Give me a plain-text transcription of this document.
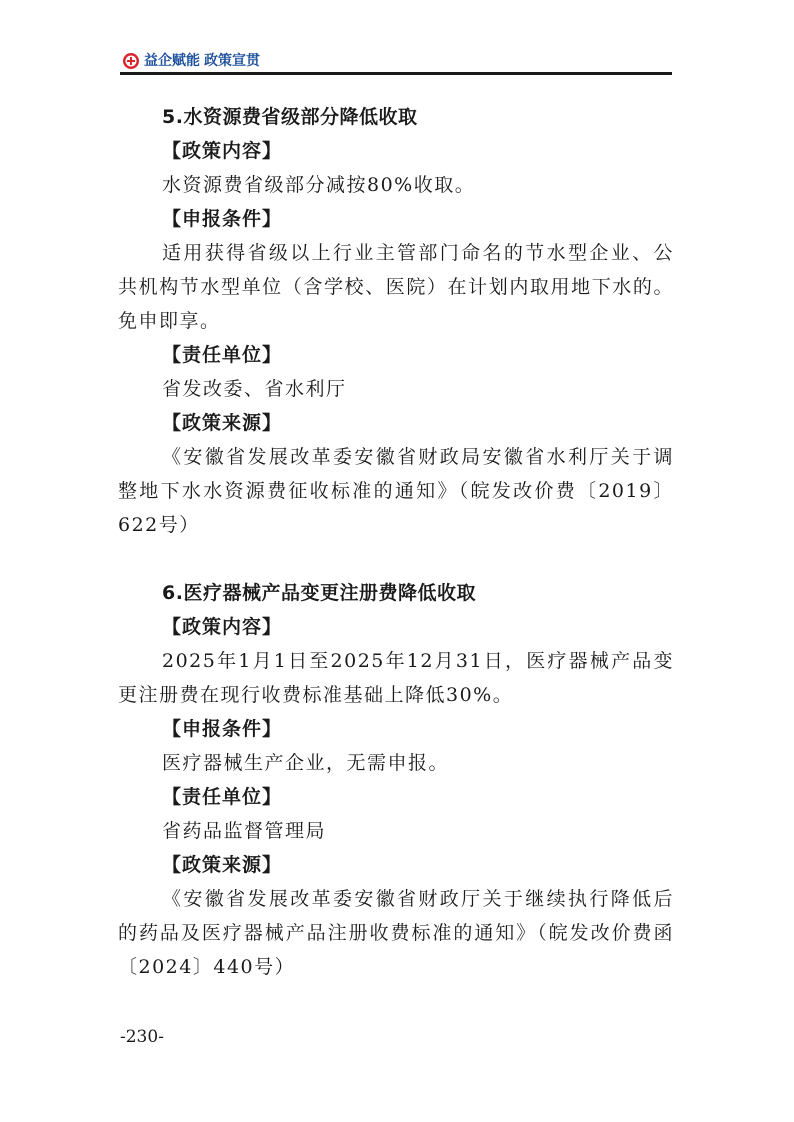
益企赋能 政策宣贯
5.水资源费省级部分降低收取
【政策内容】

水资源费省级部分减按80%收取。

【申报条件】

适用获得省级以上行业主管部门命名的节水型企业、公共机构节水型单位（含学校、医院）在计划内取用地下水的。免申即享。

【责任单位】

省发改委、省水利厅

【政策来源】

《安徽省发展改革委安徽省财政局安徽省水利厅关于调整地下水水资源费征收标准的通知》（皖发改价费〔2019〕622号）

6.医疗器械产品变更注册费降低收取
【政策内容】

2025年1月1日至2025年12月31日，医疗器械产品变更注册费在现行收费标准基础上降低30%。

【申报条件】

医疗器械生产企业，无需申报。

【责任单位】

省药品监督管理局

【政策来源】

《安徽省发展改革委安徽省财政厅关于继续执行降低后的药品及医疗器械产品注册收费标准的通知》（皖发改价费函〔2024〕440号）

-230-
